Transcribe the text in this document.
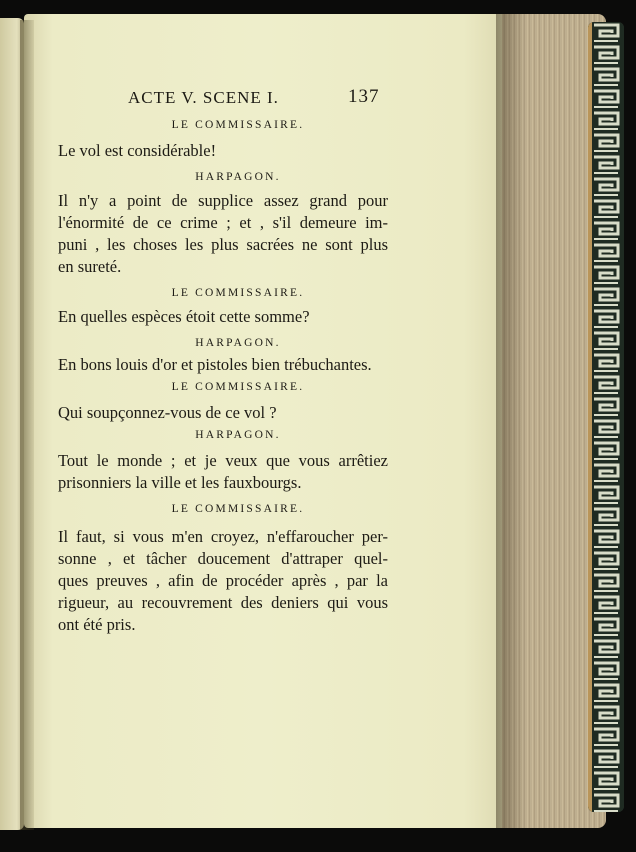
ACTE V. SCENE I.	137
LE COMMISSAIRE.
Le vol est considérable!
HARPAGON.
Il n'y a point de supplice assez grand pour
l'énormité de ce crime ; et , s'il demeure im-
puni , les choses les plus sacrées ne sont plus
en sureté.
LE COMMISSAIRE.
En quelles espèces étoit cette somme?
HARPAGON.
En bons louis d'or et pistoles bien trébuchantes.
LE COMMISSAIRE.
Qui soupçonnez-vous de ce vol ?
HARPAGON.
Tout le monde ; et je veux que vous arrêtiez
prisonniers la ville et les fauxbourgs.
LE COMMISSAIRE.
Il faut, si vous m'en croyez, n'effaroucher per-
sonne , et tâcher doucement d'attraper quel-
ques preuves , afin de procéder après , par la
rigueur, au recouvrement des deniers qui vous
ont été pris.
